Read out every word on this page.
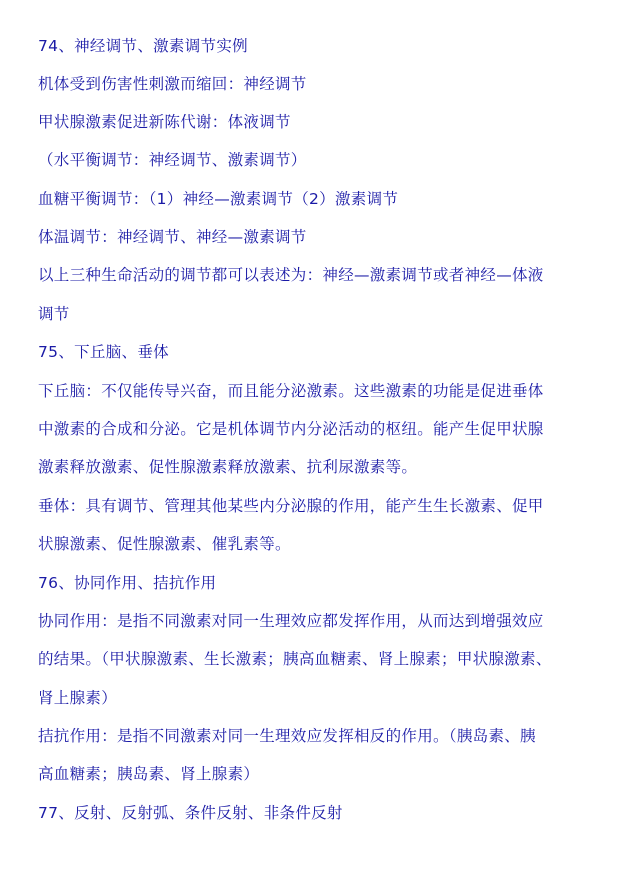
74、神经调节、激素调节实例
机体受到伤害性刺激而缩回：神经调节
甲状腺激素促进新陈代谢：体液调节
（水平衡调节：神经调节、激素调节）
血糖平衡调节：（1）神经—激素调节（2）激素调节
体温调节：神经调节、神经—激素调节
以上三种生命活动的调节都可以表述为：神经—激素调节或者神经—体液
调节
75、下丘脑、垂体
下丘脑：不仅能传导兴奋，而且能分泌激素。这些激素的功能是促进垂体
中激素的合成和分泌。它是机体调节内分泌活动的枢纽。能产生促甲状腺
激素释放激素、促性腺激素释放激素、抗利尿激素等。
垂体：具有调节、管理其他某些内分泌腺的作用，能产生生长激素、促甲
状腺激素、促性腺激素、催乳素等。
76、协同作用、拮抗作用
协同作用：是指不同激素对同一生理效应都发挥作用，从而达到增强效应
的结果。（甲状腺激素、生长激素；胰高血糖素、肾上腺素；甲状腺激素、
肾上腺素）
拮抗作用：是指不同激素对同一生理效应发挥相反的作用。（胰岛素、胰
高血糖素；胰岛素、肾上腺素）
77、反射、反射弧、条件反射、非条件反射
